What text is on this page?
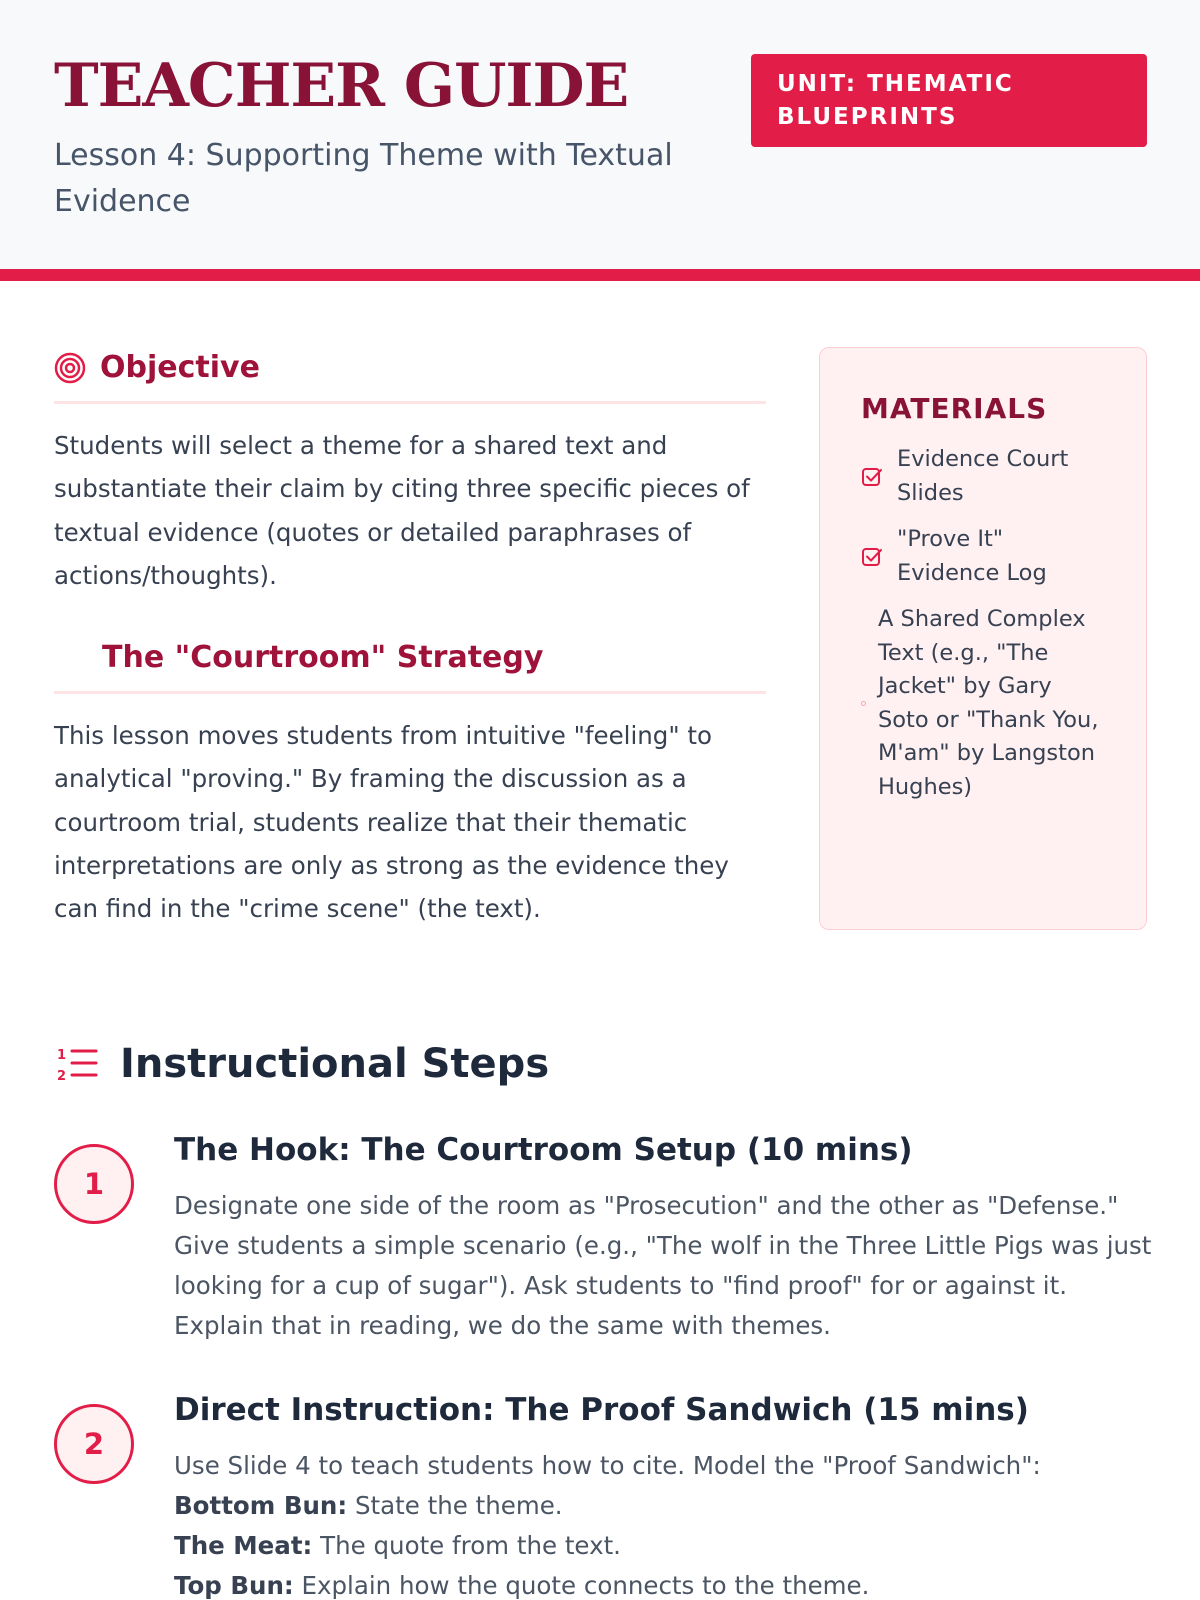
TEACHER GUIDE
Lesson 4: Supporting Theme with Textual Evidence
UNIT: THEMATIC BLUEPRINTS
Objective

Students will select a theme for a shared text and substantiate their claim by citing three specific pieces of textual evidence (quotes or detailed paraphrases of actions/thoughts).

The "Courtroom" Strategy

This lesson moves students from intuitive "feeling" to analytical "proving." By framing the discussion as a courtroom trial, students realize that their thematic interpretations are only as strong as the evidence they can find in the "crime scene" (the text).

MATERIALS
Evidence Court Slides
"Prove It" Evidence Log
A Shared Complex Text (e.g., "The Jacket" by Gary Soto or "Thank You, M'am" by Langston Hughes)
1
2 Instructional Steps
1
The Hook: The Courtroom Setup (10 mins)

Designate one side of the room as "Prosecution" and the other as "Defense." Give students a simple scenario (e.g., "The wolf in the Three Little Pigs was just looking for a cup of sugar"). Ask students to "find proof" for or against it. Explain that in reading, we do the same with themes.

2
Direct Instruction: The Proof Sandwich (15 mins)

Use Slide 4 to teach students how to cite. Model the "Proof Sandwich":

Bottom Bun: State the theme.
The Meat: The quote from the text.
Top Bun: Explain how the quote connects to the theme.
